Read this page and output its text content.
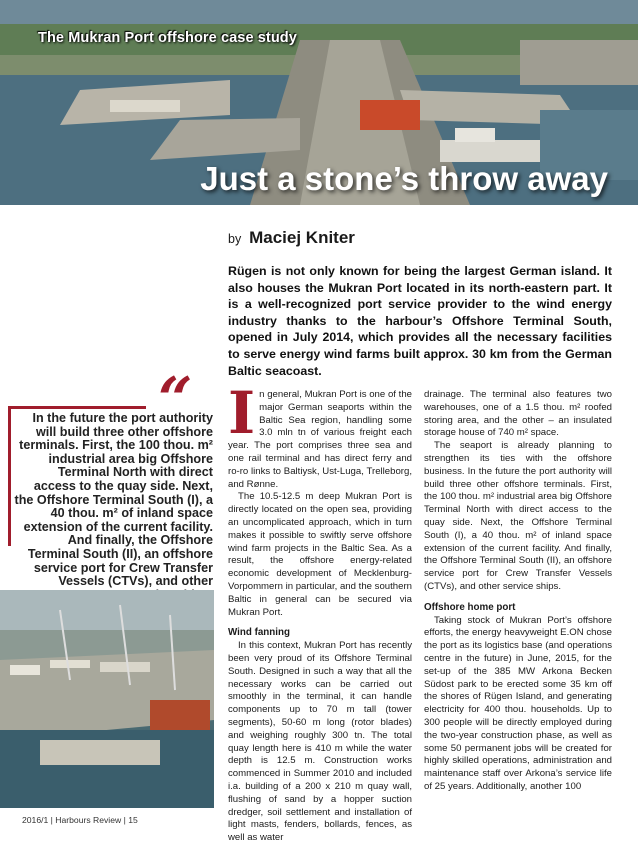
The Mukran Port offshore case study
Just a stone’s throw away
by Maciej Kniter
Rügen is not only known for being the largest German island. It also houses the Mukran Port located in its north-eastern part. It is a well-recognized port service provider to the wind energy industry thanks to the harbour’s Offshore Terminal South, opened in July 2014, which provides all the necessary facilities to serve energy wind farms built approx. 30 km from the German Baltic seacoast.
“
In the future the port authority will build three other offshore terminals. First, the 100 thou. m² industrial area big Offshore Terminal North with direct access to the quay side. Next, the Offshore Terminal South (I), a 40 thou. m² of inland space extension of the current facility. And finally, the Offshore Terminal South (II), an offshore service port for Crew Transfer Vessels (CTVs), and other
I n general, Mukran Port is one of the major German seaports within the Baltic Sea region, handling some 3.0 mln tn of various freight each year. The port comprises three sea and one rail terminal and has direct ferry and ro-ro links to Baltiysk, Ust-Luga, Trelleborg, and Rønne.

The 10.5-12.5 m deep Mukran Port is directly located on the open sea, providing an uncomplicated approach, which in turn makes it possible to swiftly serve offshore wind farm projects in the Baltic Sea. As a result, the offshore energy-related economic development of Mecklenburg-Vorpommern in particular, and the southern Baltic in general can be secured via Mukran Port.

Wind fanning

In this context, Mukran Port has recently been very proud of its Offshore Terminal South. Designed in such a way that all the necessary works can be carried out smoothly in the terminal, it can handle components up to 70 m tall (tower segments), 50-60 m long (rotor blades) and weighing roughly 300 tn. The total quay length here is 410 m while the water depth is 12.5 m. Construction works commenced in Summer 2010 and included i.a. building of a 200 x 210 m quay wall, flushing of sand by a hopper suction dredger, soil settlement and installation of light masts, fenders, bollards, fences, as well as water

drainage. The terminal also features two warehouses, one of a 1.5 thou. m² roofed storing area, and the other – an insulated storage house of 740 m² space.

The seaport is already planning to strengthen its ties with the offshore business. In the future the port authority will build three other offshore terminals. First, the 100 thou. m² industrial area big Offshore Terminal North with direct access to the quay side. Next, the Offshore Terminal South (I), a 40 thou. m² of inland space extension of the current facility. And finally, the Offshore Terminal South (II), an offshore service port for Crew Transfer Vessels (CTVs), and other service ships.

Offshore home port

Taking stock of Mukran Port’s offshore efforts, the energy heavyweight E.ON chose the port as its logistics base (and operations centre in the future) in June, 2015, for the set-up of the 385 MW Arkona Becken Südost park to be erected some 35 km off the shores of Rügen Island, and generating electricity for 400 thou. households. Up to 300 people will be directly employed during the two-year construction phase, as well as some 50 permanent jobs will be created for highly skilled operations, administration and maintenance staff over Arkona’s service life of 25 years. Additionally, another 100

2016/1 | Harbours Review | 15
